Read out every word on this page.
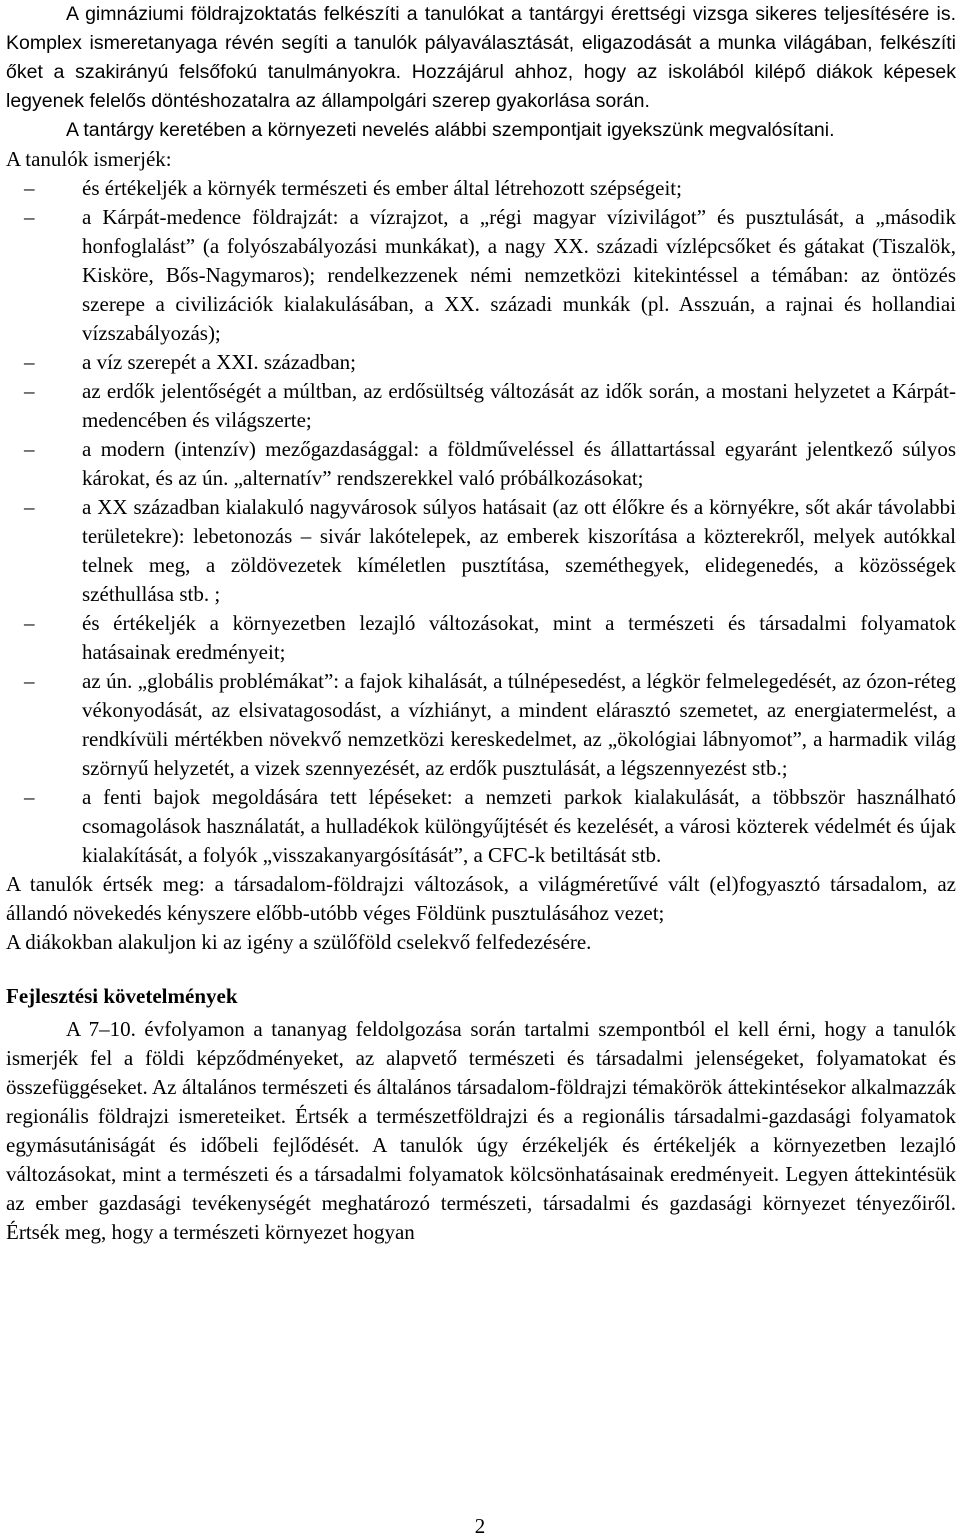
A gimnáziumi földrajzoktatás felkészíti a tanulókat a tantárgyi érettségi vizsga sikeres teljesítésére is. Komplex ismeretanyaga révén segíti a tanulók pályaválasztását, eligazodását a munka világában, felkészíti őket a szakirányú felsőfokú tanulmányokra. Hozzájárul ahhoz, hogy az iskolából kilépő diákok képesek legyenek felelős döntéshozatalra az állampolgári szerep gyakorlása során.

A tantárgy keretében a környezeti nevelés alábbi szempontjait igyekszünk megvalósítani.

A tanulók ismerjék:

– és értékeljék a környék természeti és ember által létrehozott szépségeit;
– a Kárpát-medence földrajzát: a vízrajzot, a „régi magyar vízivilágot” és pusztulását, a „második honfoglalást” (a folyószabályozási munkákat), a nagy XX. századi vízlépcsőket és gátakat (Tiszalök, Kisköre, Bős-Nagymaros); rendelkezzenek némi nemzetközi kitekintéssel a témában: az öntözés szerepe a civilizációk kialakulásában, a XX. századi munkák (pl. Asszuán, a rajnai és hollandiai vízszabályozás);
– a víz szerepét a XXI. században;
– az erdők jelentőségét a múltban, az erdősültség változását az idők során, a mostani helyzetet a Kárpát-medencében és világszerte;
– a modern (intenzív) mezőgazdasággal: a földműveléssel és állattartással egyaránt jelentkező súlyos károkat, és az ún. „alternatív” rendszerekkel való próbálkozásokat;
– a XX században kialakuló nagyvárosok súlyos hatásait (az ott élőkre és a környékre, sőt akár távolabbi területekre): lebetonozás – sivár lakótelepek, az emberek kiszorítása a közterekről, melyek autókkal telnek meg, a zöldövezetek kíméletlen pusztítása, szeméthegyek, elidegenedés, a közösségek széthullása stb. ;
– és értékeljék a környezetben lezajló változásokat, mint a természeti és társadalmi folyamatok hatásainak eredményeit;
– az ún. „globális problémákat”: a fajok kihalását, a túlnépesedést, a légkör felmelegedését, az ózon-réteg vékonyodását, az elsivatagosodást, a vízhiányt, a mindent elárasztó szemetet, az energiatermelést, a rendkívüli mértékben növekvő nemzetközi kereskedelmet, az „ökológiai lábnyomot”, a harmadik világ szörnyű helyzetét, a vizek szennyezését, az erdők pusztulását, a légszennyezést stb.;
– a fenti bajok megoldására tett lépéseket: a nemzeti parkok kialakulását, a többször használható csomagolások használatát, a hulladékok különgyűjtését és kezelését, a városi közterek védelmét és újak kialakítását, a folyók „visszakanyargósítását”, a CFC-k betiltását stb.

A tanulók értsék meg: a társadalom-földrajzi változások, a világméretűvé vált (el)fogyasztó társadalom, az állandó növekedés kényszere előbb-utóbb véges Földünk pusztulásához vezet;

A diákokban alakuljon ki az igény a szülőföld cselekvő felfedezésére.

Fejlesztési követelmények

A 7–10. évfolyamon a tananyag feldolgozása során tartalmi szempontból el kell érni, hogy a tanulók ismerjék fel a földi képződményeket, az alapvető természeti és társadalmi jelenségeket, folyamatokat és összefüggéseket. Az általános természeti és általános társadalom-földrajzi témakörök áttekintésekor alkalmazzák regionális földrajzi ismereteiket. Értsék a természetföldrajzi és a regionális társadalmi-gazdasági folyamatok egymásutániságát és időbeli fejlődését. A tanulók úgy érzékeljék és értékeljék a környezetben lezajló változásokat, mint a természeti és a társadalmi folyamatok kölcsönhatásainak eredményeit. Legyen áttekintésük az ember gazdasági tevékenységét meghatározó természeti, társadalmi és gazdasági környezet tényezőiről. Értsék meg, hogy a természeti környezet hogyan

2
